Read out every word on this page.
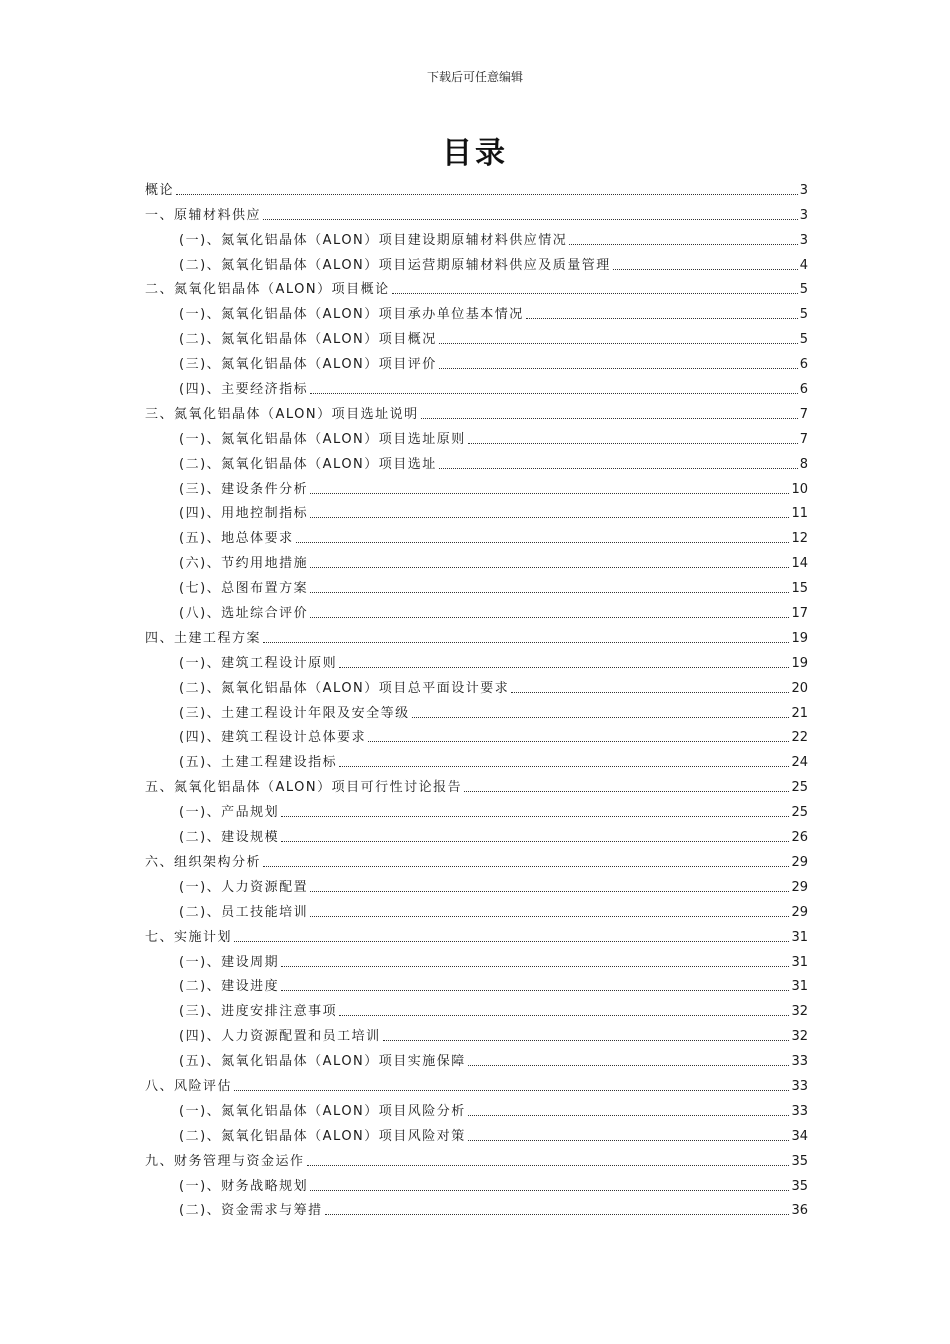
下载后可任意编辑
目录
概论	3
一、原辅材料供应	3
(一)、氮氧化铝晶体（ALON）项目建设期原辅材料供应情况	3
(二)、氮氧化铝晶体（ALON）项目运营期原辅材料供应及质量管理	4
二、氮氧化铝晶体（ALON）项目概论	5
(一)、氮氧化铝晶体（ALON）项目承办单位基本情况	5
(二)、氮氧化铝晶体（ALON）项目概况	5
(三)、氮氧化铝晶体（ALON）项目评价	6
(四)、主要经济指标	6
三、氮氧化铝晶体（ALON）项目选址说明	7
(一)、氮氧化铝晶体（ALON）项目选址原则	7
(二)、氮氧化铝晶体（ALON）项目选址	8
(三)、建设条件分析	10
(四)、用地控制指标	11
(五)、地总体要求	12
(六)、节约用地措施	14
(七)、总图布置方案	15
(八)、选址综合评价	17
四、土建工程方案	19
(一)、建筑工程设计原则	19
(二)、氮氧化铝晶体（ALON）项目总平面设计要求	20
(三)、土建工程设计年限及安全等级	21
(四)、建筑工程设计总体要求	22
(五)、土建工程建设指标	24
五、氮氧化铝晶体（ALON）项目可行性讨论报告	25
(一)、产品规划	25
(二)、建设规模	26
六、组织架构分析	29
(一)、人力资源配置	29
(二)、员工技能培训	29
七、实施计划	31
(一)、建设周期	31
(二)、建设进度	31
(三)、进度安排注意事项	32
(四)、人力资源配置和员工培训	32
(五)、氮氧化铝晶体（ALON）项目实施保障	33
八、风险评估	33
(一)、氮氧化铝晶体（ALON）项目风险分析	33
(二)、氮氧化铝晶体（ALON）项目风险对策	34
九、财务管理与资金运作	35
(一)、财务战略规划	35
(二)、资金需求与筹措	36
